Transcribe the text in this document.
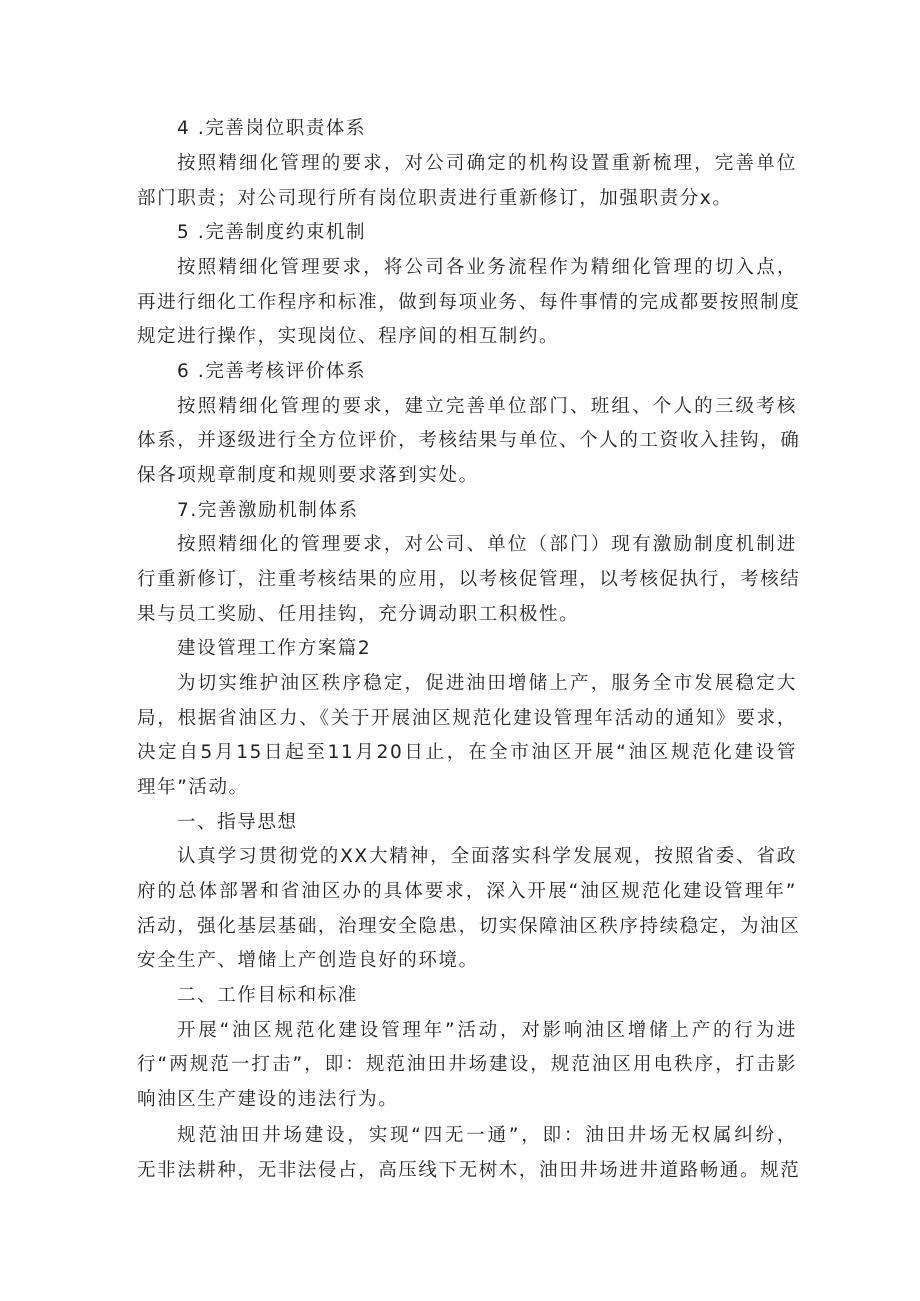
4 .完善岗位职责体系
按照精细化管理的要求，对公司确定的机构设置重新梳理，完善单位
部门职责；对公司现行所有岗位职责进行重新修订，加强职责分x。
5 .完善制度约束机制
按照精细化管理要求，将公司各业务流程作为精细化管理的切入点，
再进行细化工作程序和标准，做到每项业务、每件事情的完成都要按照制度
规定进行操作，实现岗位、程序间的相互制约。
6 .完善考核评价体系
按照精细化管理的要求，建立完善单位部门、班组、个人的三级考核
体系，并逐级进行全方位评价，考核结果与单位、个人的工资收入挂钩，确
保各项规章制度和规则要求落到实处。
7.完善激励机制体系
按照精细化的管理要求，对公司、单位（部门）现有激励制度机制进
行重新修订，注重考核结果的应用，以考核促管理，以考核促执行，考核结
果与员工奖励、任用挂钩，充分调动职工积极性。
建设管理工作方案篇2
为切实维护油区秩序稳定，促进油田增储上产，服务全市发展稳定大
局，根据省油区力、《关于开展油区规范化建设管理年活动的通知》要求，
决定自5月15日起至11月20日止，在全市油区开展“油区规范化建设管
理年”活动。
一、指导思想
认真学习贯彻党的XX大精神，全面落实科学发展观，按照省委、省政
府的总体部署和省油区办的具体要求，深入开展“油区规范化建设管理年”
活动，强化基层基础，治理安全隐患，切实保障油区秩序持续稳定，为油区
安全生产、增储上产创造良好的环境。
二、工作目标和标准
开展“油区规范化建设管理年”活动，对影响油区增储上产的行为进
行“两规范一打击”，即：规范油田井场建设，规范油区用电秩序，打击影
响油区生产建设的违法行为。
规范油田井场建设，实现“四无一通”，即：油田井场无权属纠纷，
无非法耕种，无非法侵占，高压线下无树木，油田井场进井道路畅通。规范
